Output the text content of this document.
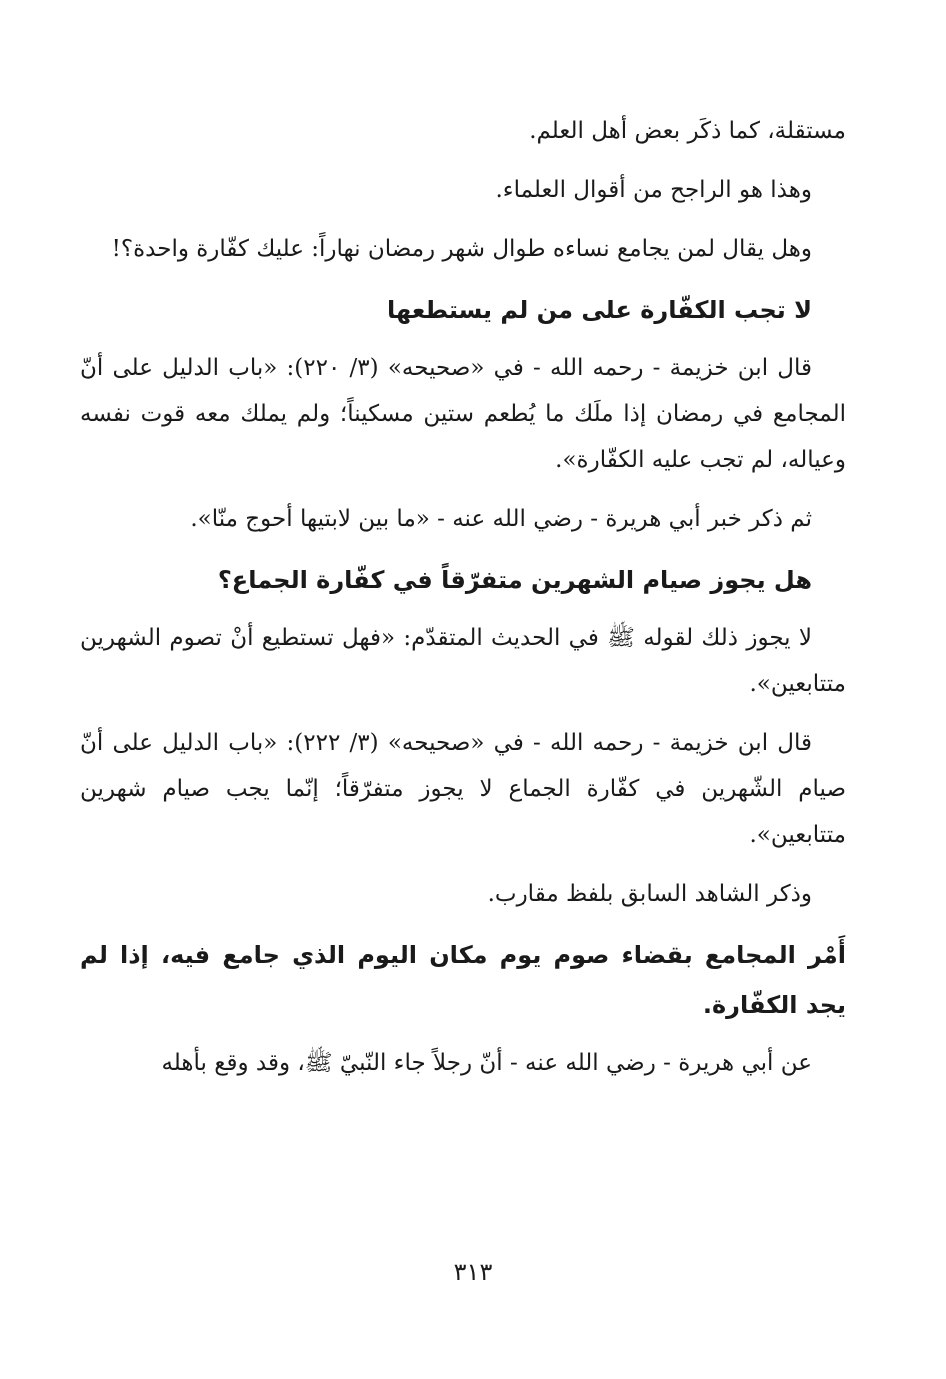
مستقلة، كما ذكَر بعض أهل العلم.

وهذا هو الراجح من أقوال العلماء.

وهل يقال لمن يجامع نساءه طوال شهر رمضان نهاراً: عليك كفّارة واحدة؟!

لا تجب الكفّارة على من لم يستطعها

قال ابن خزيمة - رحمه الله - في «صحيحه» (٣/ ٢٢٠): «باب الدليل على أنّ المجامع في رمضان إذا ملَك ما يُطعم ستين مسكيناً؛ ولم يملك معه قوت نفسه وعياله، لم تجب عليه الكفّارة».

ثم ذكر خبر أبي هريرة - رضي الله عنه - «ما بين لابتيها أحوج منّا».

هل يجوز صيام الشهرين متفرّقاً في كفّارة الجماع؟

لا يجوز ذلك لقوله ﷺ في الحديث المتقدّم: «فهل تستطيع أنْ تصوم الشهرين متتابعين».

قال ابن خزيمة - رحمه الله - في «صحيحه» (٣/ ٢٢٢): «باب الدليل على أنّ صيام الشّهرين في كفّارة الجماع لا يجوز متفرّقاً؛ إنّما يجب صيام شهرين متتابعين».

وذكر الشاهد السابق بلفظ مقارب.

أَمْر المجامع بقضاء صوم يوم مكان اليوم الذي جامع فيه، إذا لم يجد الكفّارة.

عن أبي هريرة - رضي الله عنه - أنّ رجلاً جاء النّبيّ ﷺ، وقد وقع بأهله

٣١٣
